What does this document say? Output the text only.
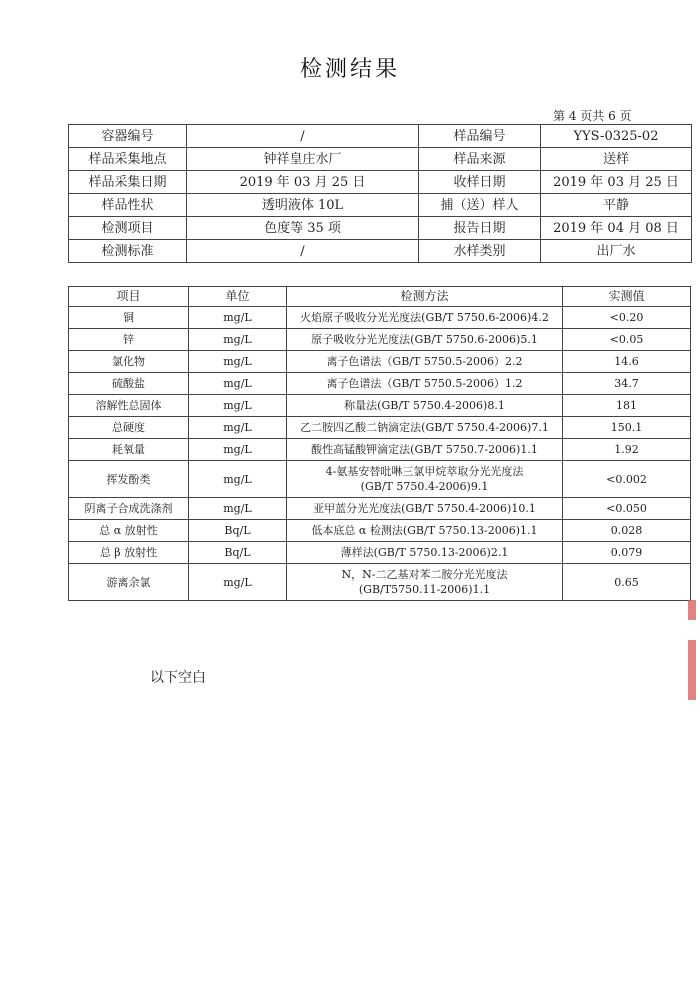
检测结果
第 4 页共 6 页
容器编号	/	样品编号	YYS-0325-02
样品采集地点	钟祥皇庄水厂	样品来源	送样
样品采集日期	2019 年 03 月 25 日	收样日期	2019 年 03 月 25 日
样品性状	透明液体 10L	捕（送）样人	平静
检测项目	色度等 35 项	报告日期	2019 年 04 月 08 日
检测标准	/	水样类别	出厂水
项目	单位	检测方法	实测值
铜	mg/L	火焰原子吸收分光光度法(GB/T 5750.6-2006)4.2	<0.20
锌	mg/L	原子吸收分光光度法(GB/T 5750.6-2006)5.1	<0.05
氯化物	mg/L	离子色谱法（GB/T 5750.5-2006）2.2	14.6
硫酸盐	mg/L	离子色谱法（GB/T 5750.5-2006）1.2	34.7
溶解性总固体	mg/L	称量法(GB/T 5750.4-2006)8.1	181
总硬度	mg/L	乙二胺四乙酸二钠滴定法(GB/T 5750.4-2006)7.1	150.1
耗氧量	mg/L	酸性高锰酸钾滴定法(GB/T 5750.7-2006)1.1	1.92
挥发酚类	mg/L	4-氨基安替吡啉三氯甲烷萃取分光光度法
(GB/T 5750.4-2006)9.1	<0.002
阴离子合成洗涤剂	mg/L	亚甲蓝分光光度法(GB/T 5750.4-2006)10.1	<0.050
总 α 放射性	Bq/L	低本底总 α 检测法(GB/T 5750.13-2006)1.1	0.028
总 β 放射性	Bq/L	薄样法(GB/T 5750.13-2006)2.1	0.079
游离余氯	mg/L	N，N-二乙基对苯二胺分光光度法
(GB/T5750.11-2006)1.1	0.65
以下空白
